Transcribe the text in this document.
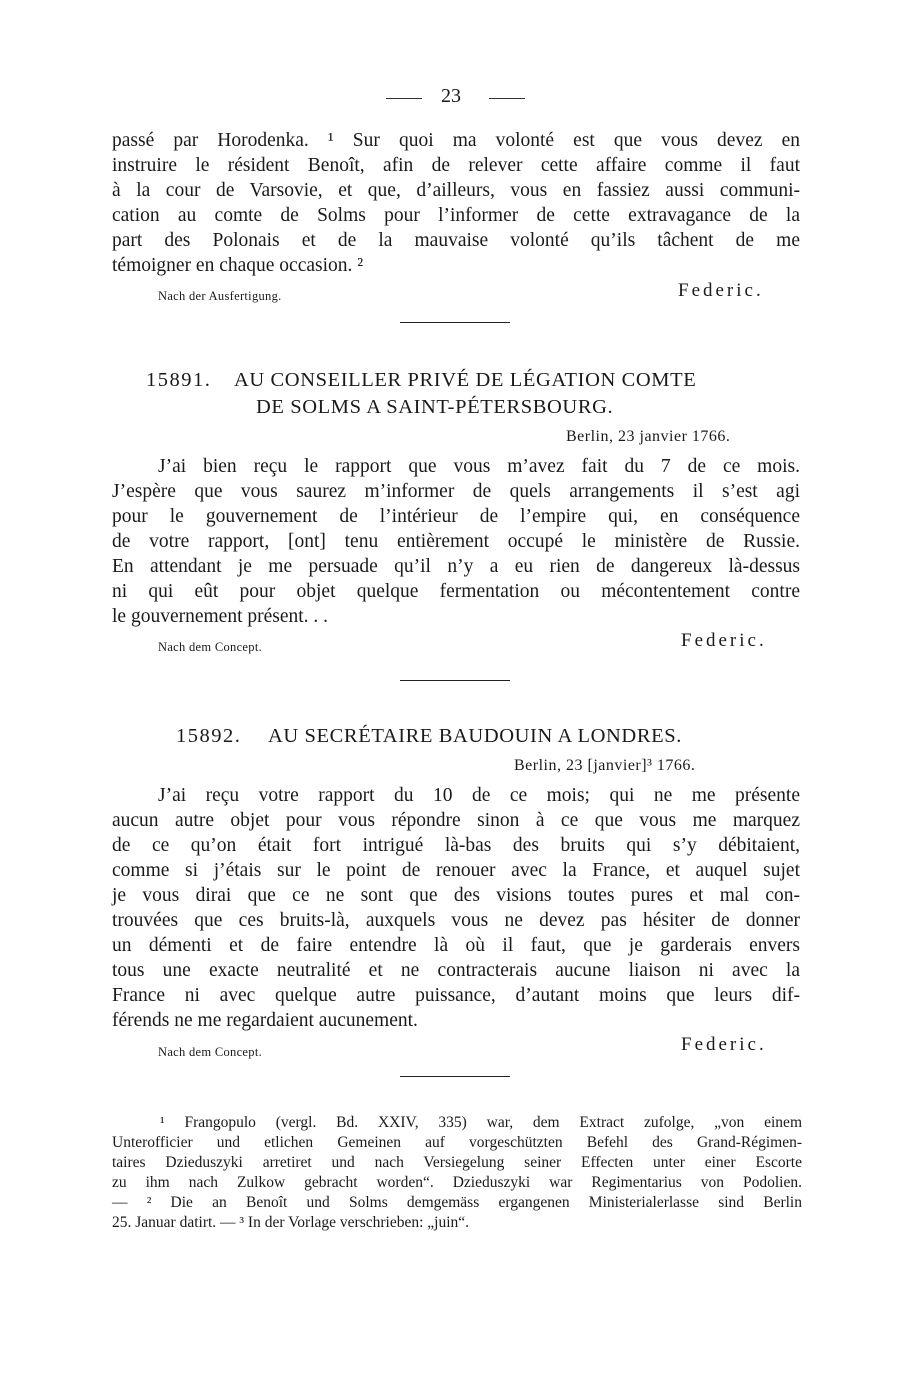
23
passé par Horodenka. ¹ Sur quoi ma volonté est que vous devez en
instruire le résident Benoît, afin de relever cette affaire comme il faut
à la cour de Varsovie, et que, d’ailleurs, vous en fassiez aussi communi-
cation au comte de Solms pour l’informer de cette extravagance de la
part des Polonais et de la mauvaise volonté qu’ils tâchent de me
témoigner en chaque occasion. ²
Nach der Ausfertigung.	Federic.
15891. AU CONSEILLER PRIVÉ DE LÉGATION COMTE
DE SOLMS A SAINT-PÉTERSBOURG.
Berlin, 23 janvier 1766.
J’ai bien reçu le rapport que vous m’avez fait du 7 de ce mois.
J’espère que vous saurez m’informer de quels arrangements il s’est agi
pour le gouvernement de l’intérieur de l’empire qui, en conséquence
de votre rapport, [ont] tenu entièrement occupé le ministère de Russie.
En attendant je me persuade qu’il n’y a eu rien de dangereux là-dessus
ni qui eût pour objet quelque fermentation ou mécontentement contre
le gouvernement présent. . .
Nach dem Concept.	Federic.
15892. AU SECRÉTAIRE BAUDOUIN A LONDRES.
Berlin, 23 [janvier]³ 1766.
J’ai reçu votre rapport du 10 de ce mois; qui ne me présente
aucun autre objet pour vous répondre sinon à ce que vous me marquez
de ce qu’on était fort intrigué là-bas des bruits qui s’y débitaient,
comme si j’étais sur le point de renouer avec la France, et auquel sujet
je vous dirai que ce ne sont que des visions toutes pures et mal con-
trouvées que ces bruits-là, auxquels vous ne devez pas hésiter de donner
un démenti et de faire entendre là où il faut, que je garderais envers
tous une exacte neutralité et ne contracterais aucune liaison ni avec la
France ni avec quelque autre puissance, d’autant moins que leurs dif-
férends ne me regardaient aucunement.
Nach dem Concept.	Federic.
¹ Frangopulo (vergl. Bd. XXIV, 335) war, dem Extract zufolge, „von einem
Unterofficier und etlichen Gemeinen auf vorgeschützten Befehl des Grand-Régimen-
taires Dzieduszyki arretiret und nach Versiegelung seiner Effecten unter einer Escorte
zu ihm nach Zulkow gebracht worden“. Dzieduszyki war Regimentarius von Podolien.
— ² Die an Benoît und Solms demgemäss ergangenen Ministerialerlasse sind Berlin
25. Januar datirt. — ³ In der Vorlage verschrieben: „juin“.
